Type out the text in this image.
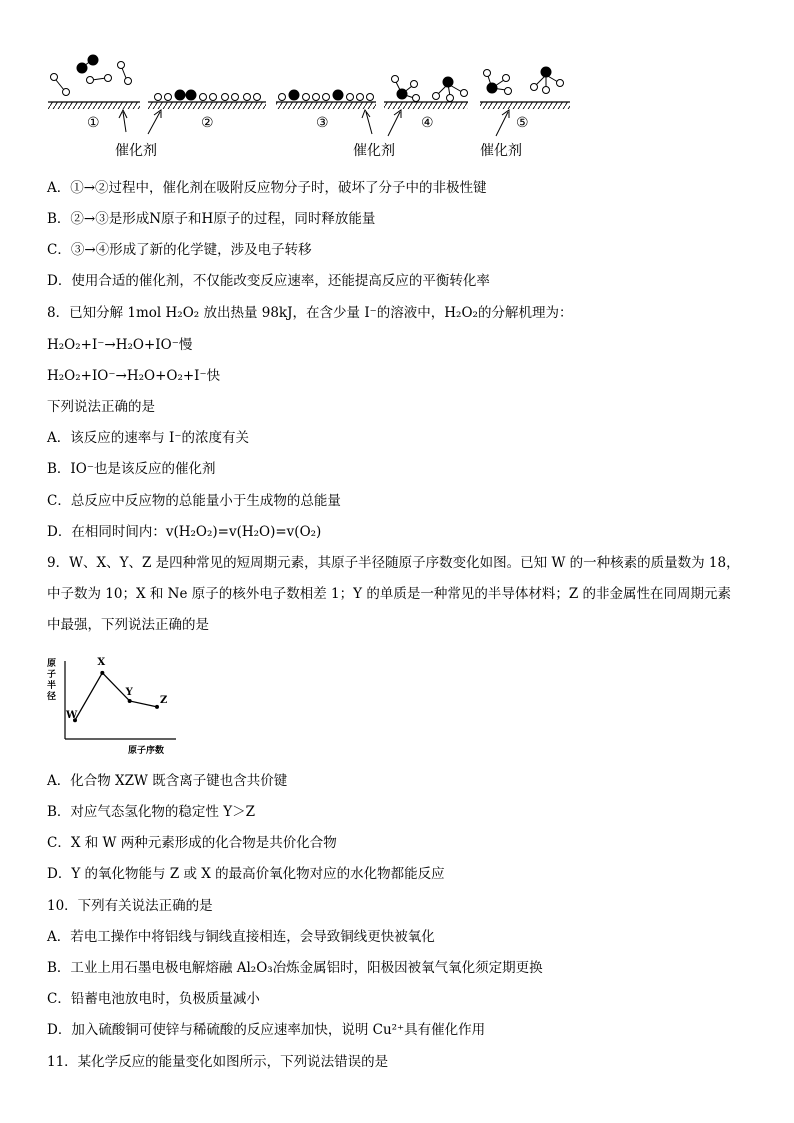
①	②	③	④	⑤
催化剂	催化剂	催化剂
A．①→②过程中，催化剂在吸附反应物分子时，破坏了分子中的非极性键
B．②→③是形成N原子和H原子的过程，同时释放能量
C．③→④形成了新的化学键，涉及电子转移
D．使用合适的催化剂，不仅能改变反应速率，还能提高反应的平衡转化率
8．已知分解 1mol H₂O₂ 放出热量 98kJ，在含少量 I⁻的溶液中，H₂O₂的分解机理为：
H₂O₂+I⁻→H₂O+IO⁻慢
H₂O₂+IO⁻→H₂O+O₂+I⁻快
下列说法正确的是
A．该反应的速率与 I⁻的浓度有关
B．IO⁻也是该反应的催化剂
C．总反应中反应物的总能量小于生成物的总能量
D．在相同时间内：v(H₂O₂)=v(H₂O)=v(O₂)
9．W、X、Y、Z 是四种常见的短周期元素，其原子半径随原子序数变化如图。已知 W 的一种核素的质量数为 18，
中子数为 10；X 和 Ne 原子的核外电子数相差 1；Y 的单质是一种常见的半导体材料；Z 的非金属性在同周期元素
中最强，下列说法正确的是
W
X
Y
Z
原
子
半
径
原子序数
A．化合物 XZW 既含离子键也含共价键
B．对应气态氢化物的稳定性 Y＞Z
C．X 和 W 两种元素形成的化合物是共价化合物
D．Y 的氧化物能与 Z 或 X 的最高价氧化物对应的水化物都能反应
10．下列有关说法正确的是
A．若电工操作中将铝线与铜线直接相连，会导致铜线更快被氧化
B．工业上用石墨电极电解熔融 Al₂O₃冶炼金属铝时，阳极因被氧气氧化须定期更换
C．铅蓄电池放电时，负极质量减小
D．加入硫酸铜可使锌与稀硫酸的反应速率加快，说明 Cu²⁺具有催化作用
11．某化学反应的能量变化如图所示，下列说法错误的是
